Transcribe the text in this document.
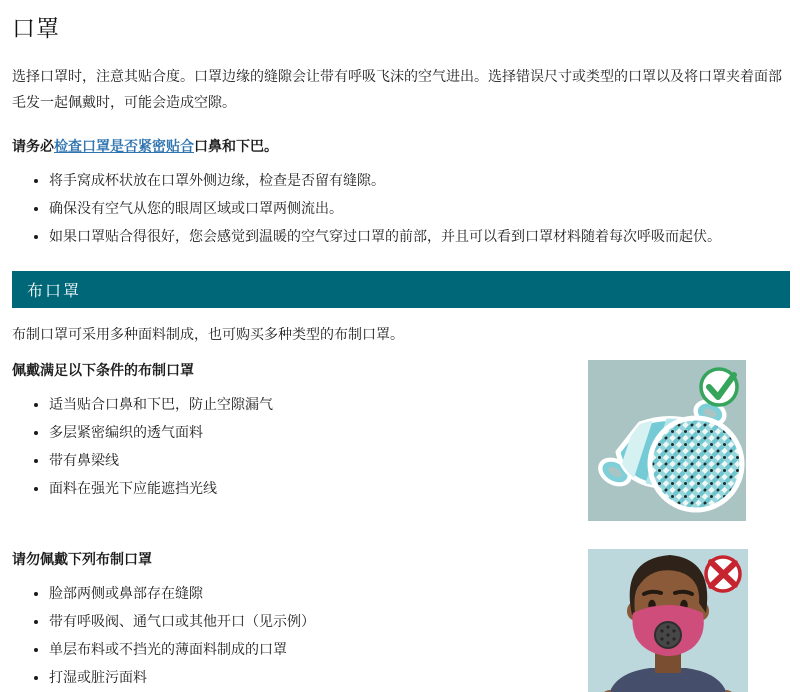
口罩

选择口罩时，注意其贴合度。口罩边缘的缝隙会让带有呼吸飞沫的空气进出。选择错误尺寸或类型的口罩以及将口罩夹着面部毛发一起佩戴时，可能会造成空隙。

请务必检查口罩是否紧密贴合口鼻和下巴。

• 将手窝成杯状放在口罩外侧边缘，检查是否留有缝隙。
• 确保没有空气从您的眼周区域或口罩两侧流出。
• 如果口罩贴合得很好，您会感觉到温暖的空气穿过口罩的前部，并且可以看到口罩材料随着每次呼吸而起伏。
布口罩

布制口罩可采用多种面料制成，也可购买多种类型的布制口罩。

佩戴满足以下条件的布制口罩
• 适当贴合口鼻和下巴，防止空隙漏气
• 多层紧密编织的透气面料
• 带有鼻梁线
• 面料在强光下应能遮挡光线
请勿佩戴下列布制口罩
• 脸部两侧或鼻部存在缝隙
• 带有呼吸阀、通气口或其他开口（见示例）
• 单层布料或不挡光的薄面料制成的口罩
• 打湿或脏污面料
